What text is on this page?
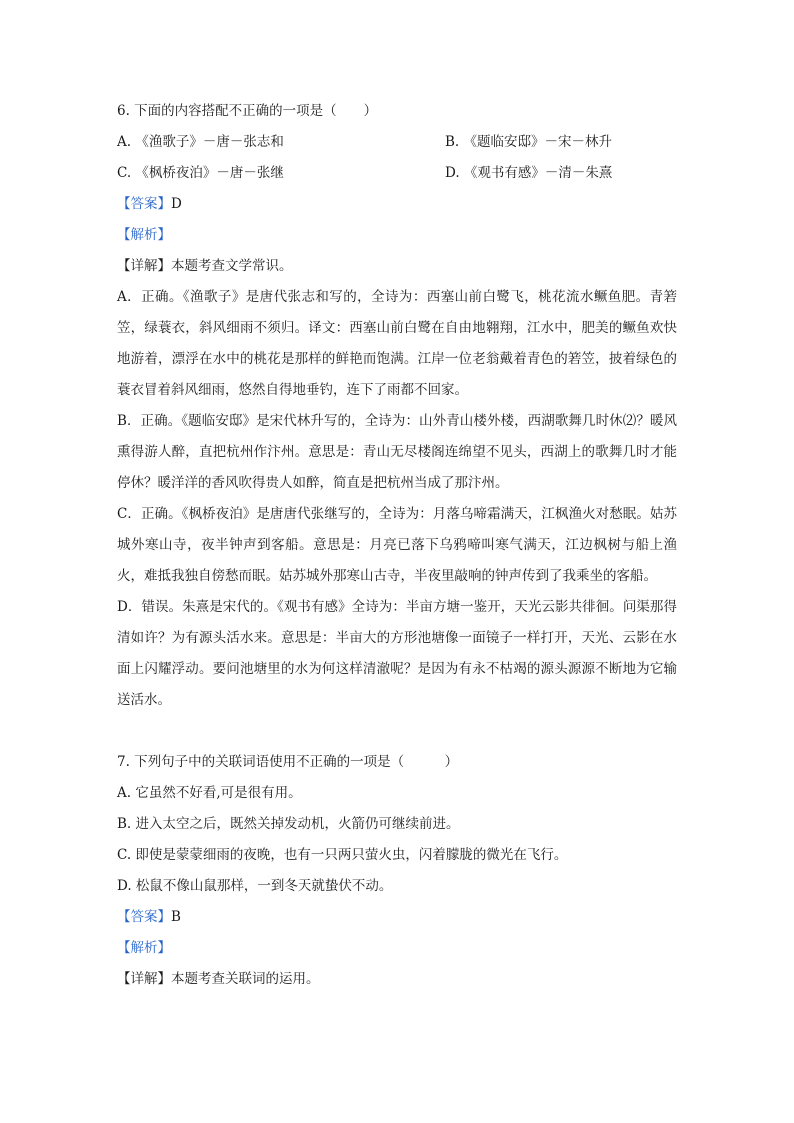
6. 下面的内容搭配不正确的一项是（　　）

A. 《渔歌子》－唐－张志和	B. 《题临安邸》－宋－林升
C. 《枫桥夜泊》－唐－张继	D. 《观书有感》－清－朱熹

【答案】D

【解析】

【详解】本题考查文学常识。

A．正确。《渔歌子》是唐代张志和写的，全诗为：西塞山前白鹭飞，桃花流水鳜鱼肥。青箬笠，绿蓑衣，斜风细雨不须归。译文：西塞山前白鹭在自由地翱翔，江水中，肥美的鳜鱼欢快地游着，漂浮在水中的桃花是那样的鲜艳而饱满。江岸一位老翁戴着青色的箬笠，披着绿色的蓑衣冒着斜风细雨，悠然自得地垂钓，连下了雨都不回家。

B．正确。《题临安邸》是宋代林升写的，全诗为：山外青山楼外楼，西湖歌舞几时休⑵？暖风熏得游人醉，直把杭州作汴州。意思是：青山无尽楼阁连绵望不见头，西湖上的歌舞几时才能停休？暖洋洋的香风吹得贵人如醉，简直是把杭州当成了那汴州。

C．正确。《枫桥夜泊》是唐唐代张继写的，全诗为：月落乌啼霜满天，江枫渔火对愁眠。姑苏城外寒山寺，夜半钟声到客船。意思是：月亮已落下乌鸦啼叫寒气满天，江边枫树与船上渔火，难抵我独自傍愁而眠。姑苏城外那寒山古寺，半夜里敲响的钟声传到了我乘坐的客船。

D．错误。朱熹是宋代的。《观书有感》全诗为：半亩方塘一鉴开，天光云影共徘徊。问渠那得清如许？为有源头活水来。意思是：半亩大的方形池塘像一面镜子一样打开，天光、云影在水面上闪耀浮动。要问池塘里的水为何这样清澈呢？是因为有永不枯竭的源头源源不断地为它输送活水。

7. 下列句子中的关联词语使用不正确的一项是（　　　）

A. 它虽然不好看,可是很有用。

B. 进入太空之后，既然关掉发动机，火箭仍可继续前进。

C. 即使是蒙蒙细雨的夜晚，也有一只两只萤火虫，闪着朦胧的微光在飞行。

D. 松鼠不像山鼠那样，一到冬天就蛰伏不动。

【答案】B

【解析】

【详解】本题考查关联词的运用。
